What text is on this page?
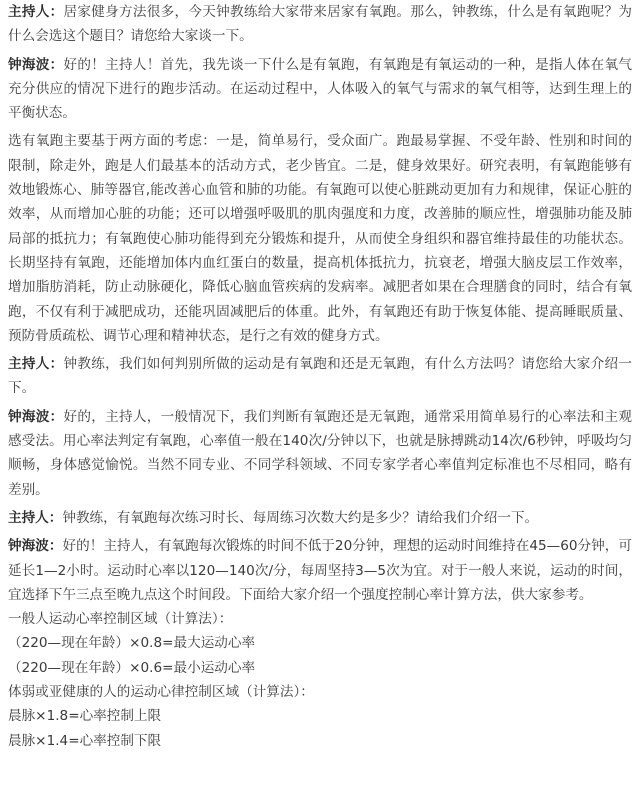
主持人：居家健身方法很多，今天钟教练给大家带来居家有氧跑。那么，钟教练，什么是有氧跑呢？为什么会选这个题目？请您给大家谈一下。

钟海波：好的！主持人！首先，我先谈一下什么是有氧跑，有氧跑是有氧运动的一种，是指人体在氧气充分供应的情况下进行的跑步活动。在运动过程中，人体吸入的氧气与需求的氧气相等，达到生理上的平衡状态。

选有氧跑主要基于两方面的考虑：一是，简单易行，受众面广。跑最易掌握、不受年龄、性别和时间的限制，除走外，跑是人们最基本的活动方式，老少皆宜。二是，健身效果好。研究表明，有氧跑能够有效地锻炼心、肺等器官,能改善心血管和肺的功能。有氧跑可以使心脏跳动更加有力和规律，保证心脏的效率，从而增加心脏的功能；还可以增强呼吸肌的肌肉强度和力度，改善肺的顺应性，增强肺功能及肺局部的抵抗力；有氧跑使心肺功能得到充分锻炼和提升，从而使全身组织和器官维持最佳的功能状态。长期坚持有氧跑，还能增加体内血红蛋白的数量，提高机体抵抗力，抗衰老，增强大脑皮层工作效率，增加脂肪消耗，防止动脉硬化，降低心脑血管疾病的发病率。减肥者如果在合理膳食的同时，结合有氧跑，不仅有利于减肥成功，还能巩固减肥后的体重。此外，有氧跑还有助于恢复体能、提高睡眠质量、预防骨质疏松、调节心理和精神状态，是行之有效的健身方式。

主持人：钟教练，我们如何判别所做的运动是有氧跑和还是无氧跑，有什么方法吗？请您给大家介绍一下。

钟海波：好的，主持人，一般情况下，我们判断有氧跑还是无氧跑，通常采用简单易行的心率法和主观感受法。用心率法判定有氧跑，心率值一般在140次/分钟以下，也就是脉搏跳动14次/6秒钟，呼吸均匀顺畅，身体感觉愉悦。当然不同专业、不同学科领域、不同专家学者心率值判定标准也不尽相同，略有差别。

主持人：钟教练，有氧跑每次练习时长、每周练习次数大约是多少？请给我们介绍一下。

钟海波：好的！主持人，有氧跑每次锻炼的时间不低于20分钟，理想的运动时间维持在45—60分钟，可延长1—2小时。运动时心率以120—140次/分，每周坚持3—5次为宜。对于一般人来说，运动的时间，宜选择下午三点至晚九点这个时间段。下面给大家介绍一个强度控制心率计算方法，供大家参考。

一般人运动心率控制区域（计算法）：

（220—现在年龄）×0.8=最大运动心率

（220—现在年龄）×0.6=最小运动心率

体弱或亚健康的人的运动心律控制区域（计算法）：

晨脉×1.8=心率控制上限

晨脉×1.4=心率控制下限
